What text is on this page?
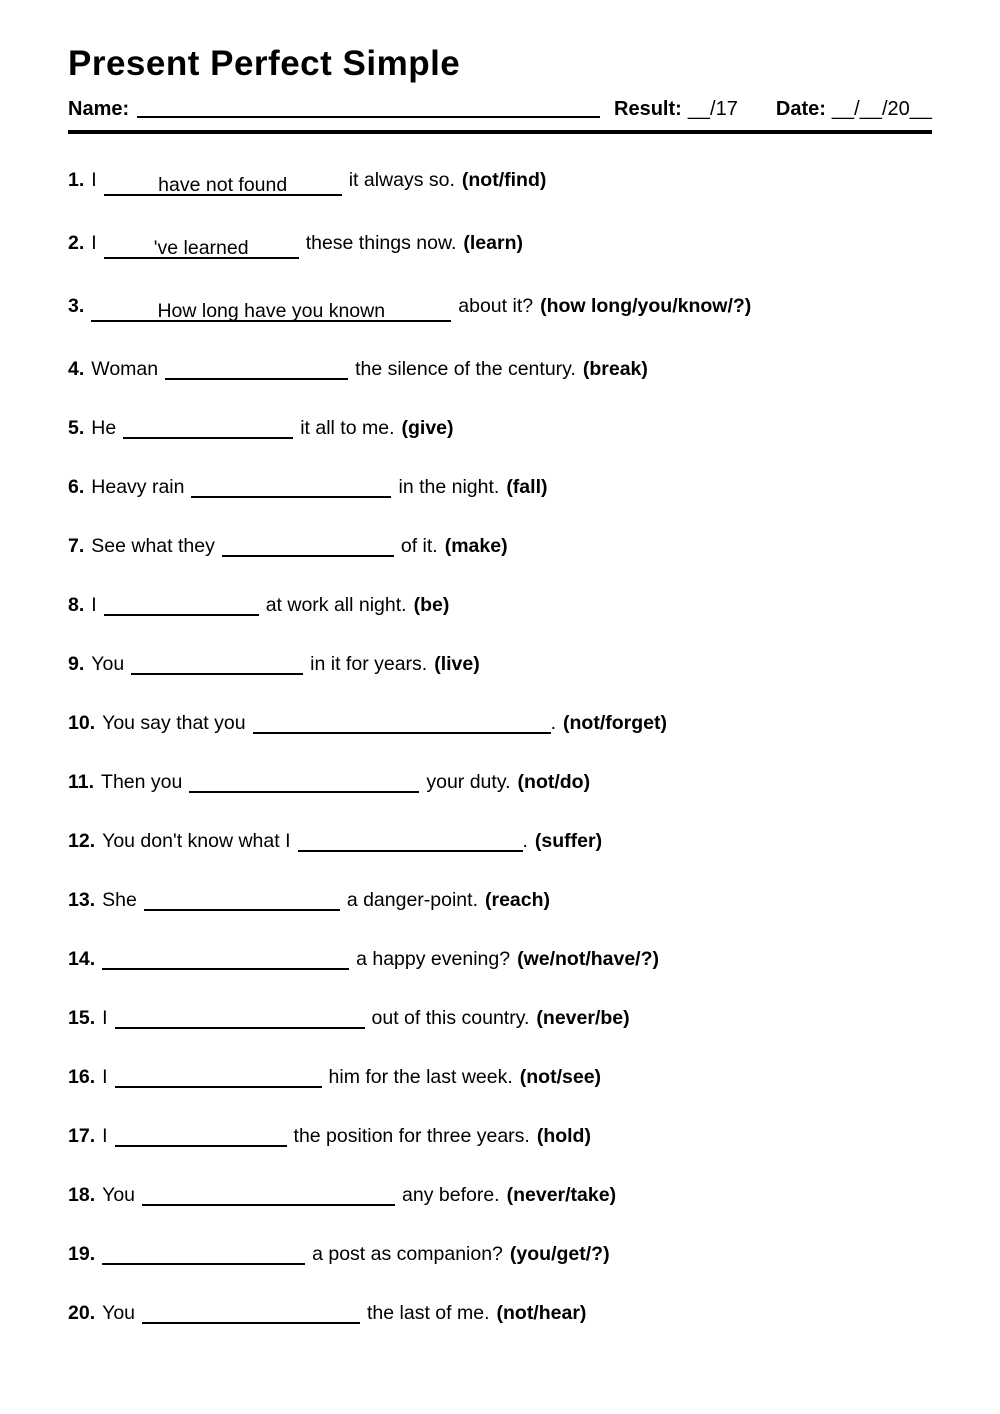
Present Perfect Simple
Name:	Result: __/17 Date: __/__/20__
1. I	have not found	it always so. (not/find)
2. I	've learned	these things now. (learn)
3.	How long have you known	about it? (how long/you/know/?)
4. Woman	the silence of the century. (break)
5. He	it all to me. (give)
6. Heavy rain	in the night. (fall)
7. See what they	of it. (make)
8. I	at work all night. (be)
9. You	in it for years. (live)
10. You say that you	. (not/forget)
11. Then you	your duty. (not/do)
12. You don't know what I	. (suffer)
13. She	a danger-point. (reach)
14.	a happy evening? (we/not/have/?)
15. I	out of this country. (never/be)
16. I	him for the last week. (not/see)
17. I	the position for three years. (hold)
18. You	any before. (never/take)
19.	a post as companion? (you/get/?)
20. You	the last of me. (not/hear)
